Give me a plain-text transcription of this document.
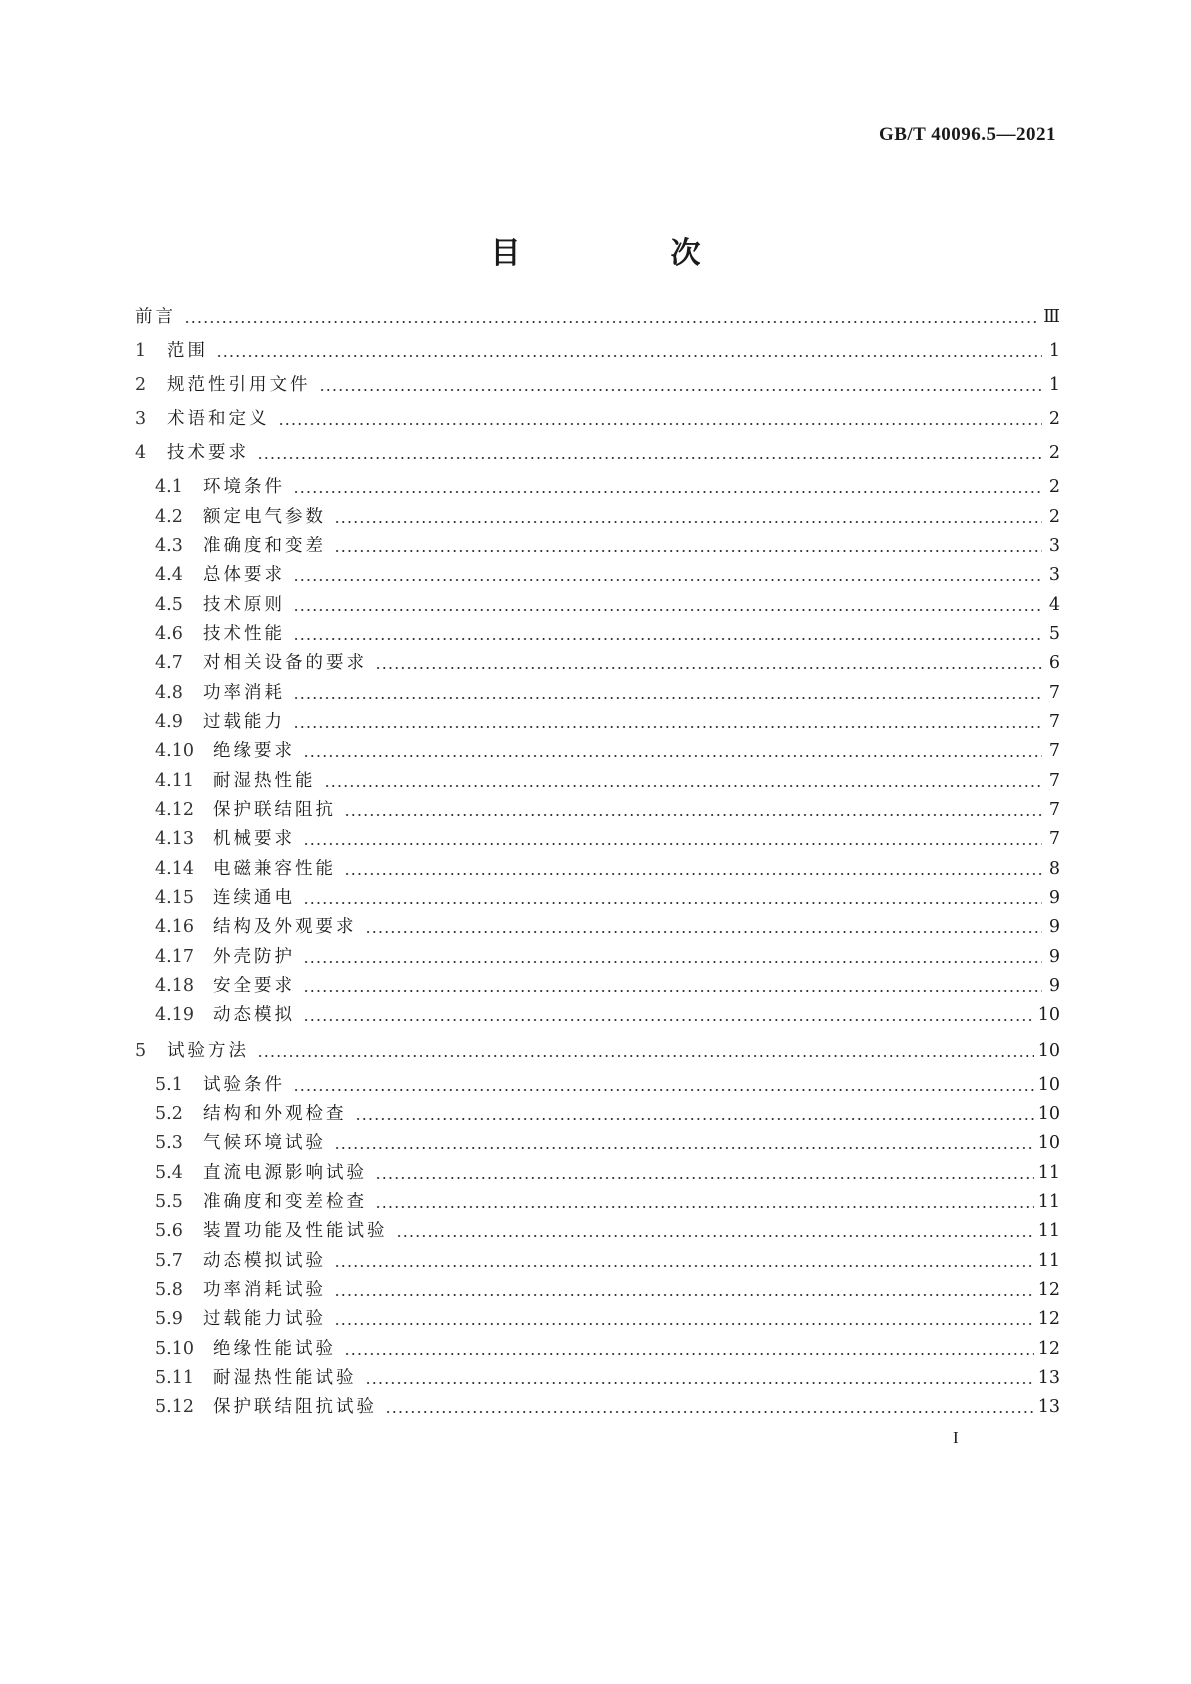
GB/T 40096.5—2021
目　次
前言	Ⅲ
1	范围	1
2	规范性引用文件	1
3	术语和定义	2
4	技术要求	2
4.1	环境条件	2
4.2	额定电气参数	2
4.3	准确度和变差	3
4.4	总体要求	3
4.5	技术原则	4
4.6	技术性能	5
4.7	对相关设备的要求	6
4.8	功率消耗	7
4.9	过载能力	7
4.10	绝缘要求	7
4.11	耐湿热性能	7
4.12	保护联结阻抗	7
4.13	机械要求	7
4.14	电磁兼容性能	8
4.15	连续通电	9
4.16	结构及外观要求	9
4.17	外壳防护	9
4.18	安全要求	9
4.19	动态模拟	10
5	试验方法	10
5.1	试验条件	10
5.2	结构和外观检查	10
5.3	气候环境试验	10
5.4	直流电源影响试验	11
5.5	准确度和变差检查	11
5.6	装置功能及性能试验	11
5.7	动态模拟试验	11
5.8	功率消耗试验	12
5.9	过载能力试验	12
5.10	绝缘性能试验	12
5.11	耐湿热性能试验	13
5.12	保护联结阻抗试验	13
I
